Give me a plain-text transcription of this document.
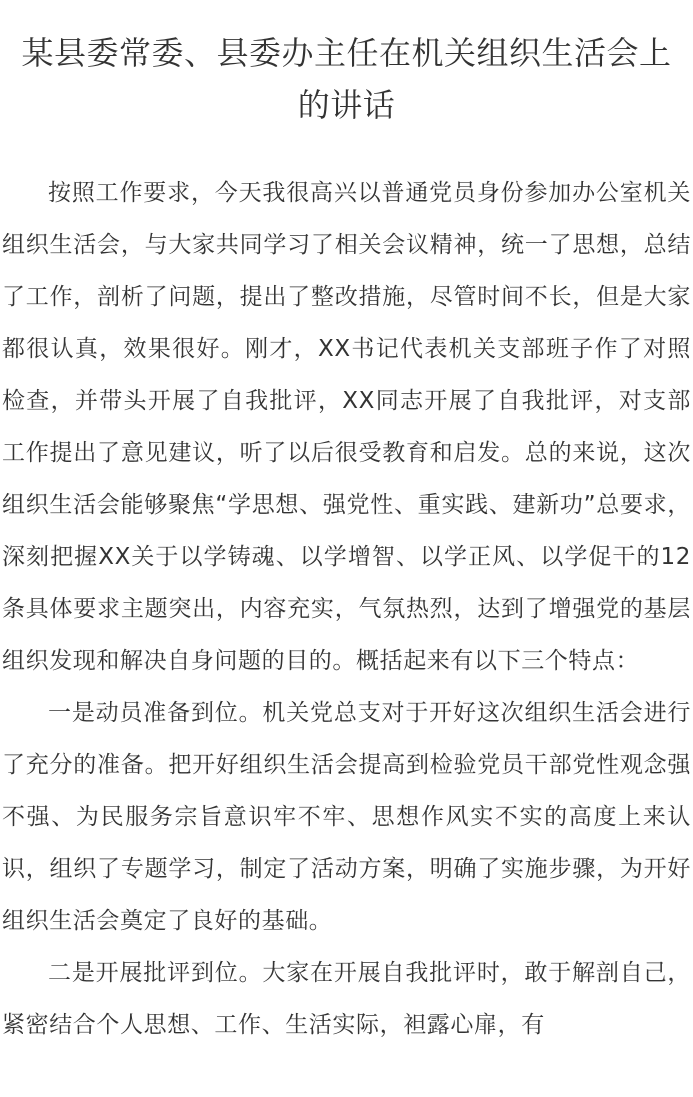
某县委常委、县委办主任在机关组织生活会上的讲话

按照工作要求，今天我很高兴以普通党员身份参加办公室机关组织生活会，与大家共同学习了相关会议精神，统一了思想，总结了工作，剖析了问题，提出了整改措施，尽管时间不长，但是大家都很认真，效果很好。刚才，XX书记代表机关支部班子作了对照检查，并带头开展了自我批评，XX同志开展了自我批评，对支部工作提出了意见建议，听了以后很受教育和启发。总的来说，这次组织生活会能够聚焦“学思想、强党性、重实践、建新功”总要求，深刻把握XX关于以学铸魂、以学增智、以学正风、以学促干的12条具体要求主题突出，内容充实，气氛热烈，达到了增强党的基层组织发现和解决自身问题的目的。概括起来有以下三个特点：

一是动员准备到位。机关党总支对于开好这次组织生活会进行了充分的准备。把开好组织生活会提高到检验党员干部党性观念强不强、为民服务宗旨意识牢不牢、思想作风实不实的高度上来认识，组织了专题学习，制定了活动方案，明确了实施步骤，为开好组织生活会奠定了良好的基础。

二是开展批评到位。大家在开展自我批评时，敢于解剖自己，紧密结合个人思想、工作、生活实际，袒露心扉，有
